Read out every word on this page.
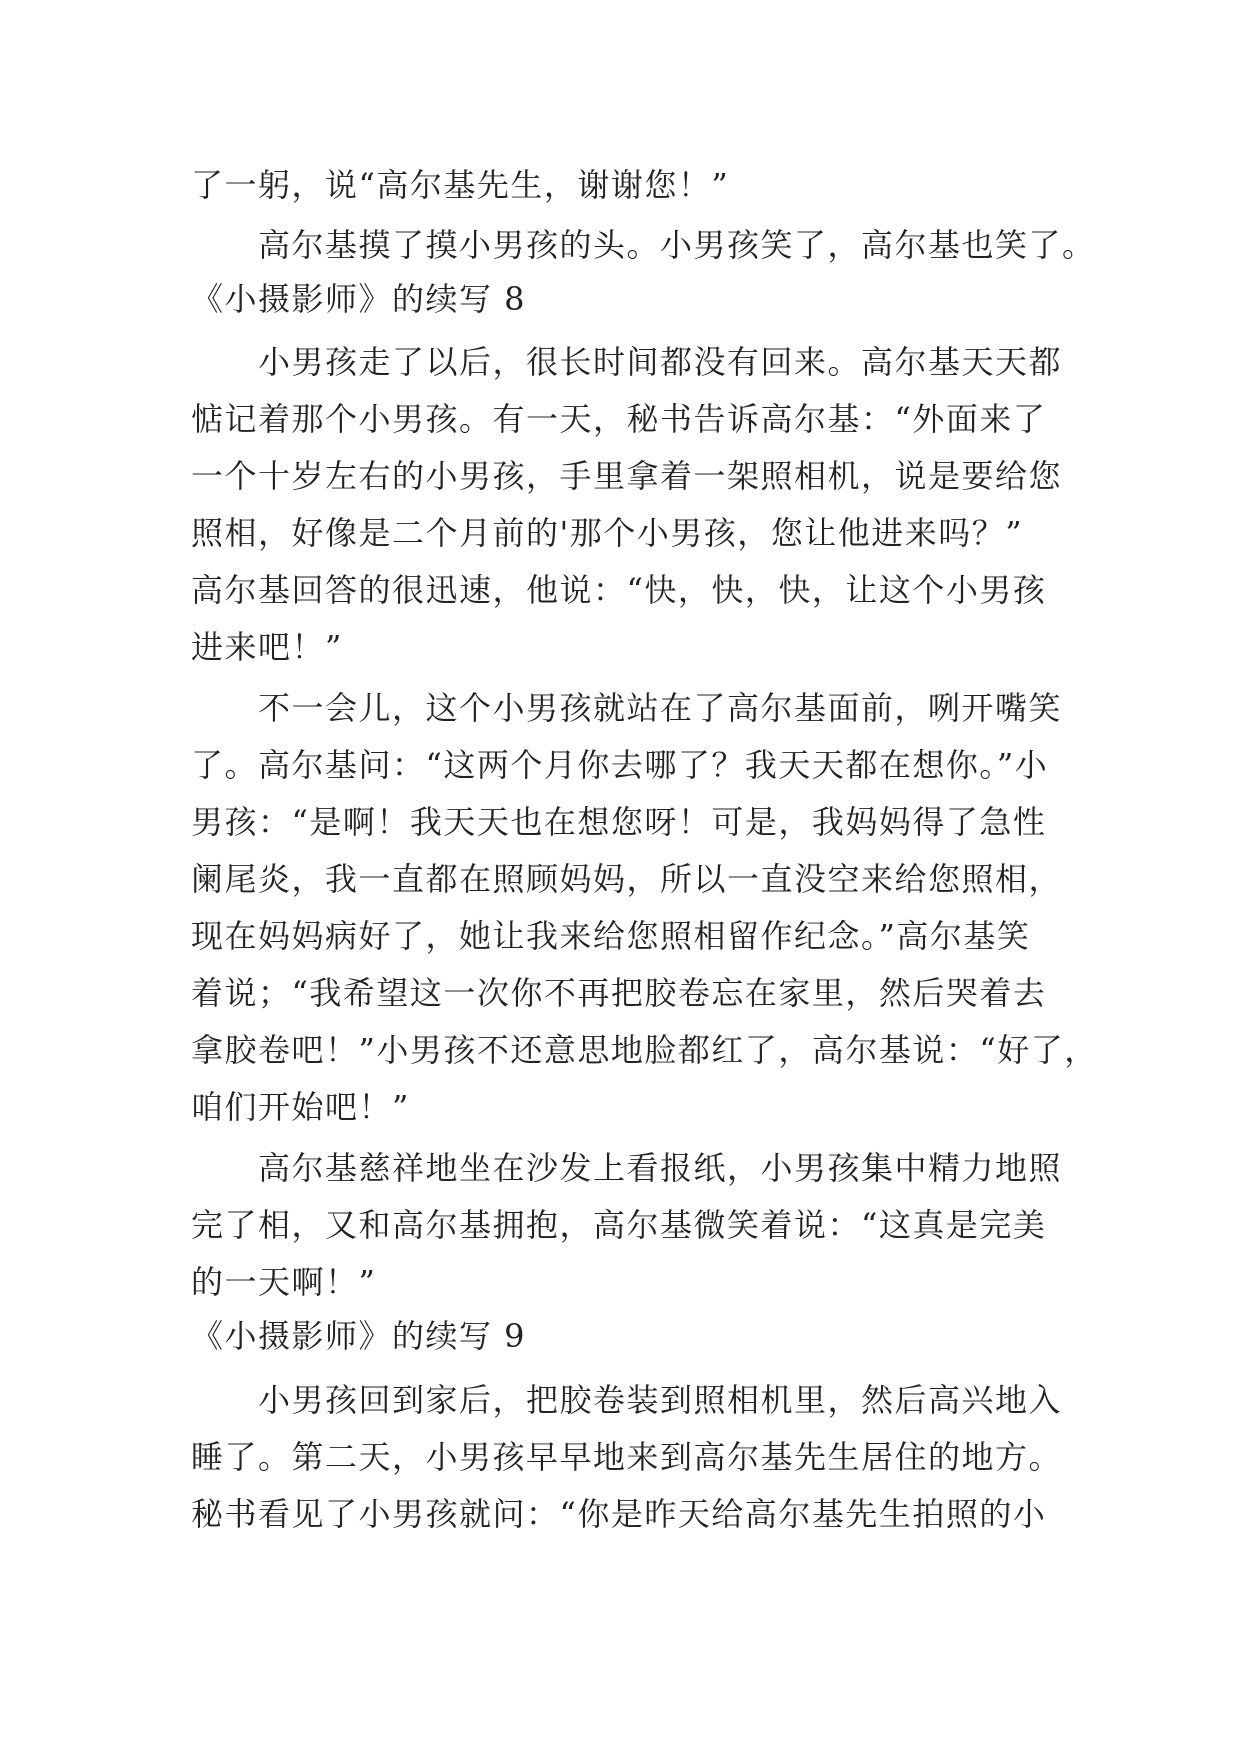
了一躬，说“高尔基先生，谢谢您！”
高尔基摸了摸小男孩的头。小男孩笑了，高尔基也笑了。
《小摄影师》的续写 8
小男孩走了以后，很长时间都没有回来。高尔基天天都
惦记着那个小男孩。有一天，秘书告诉高尔基：“外面来了
一个十岁左右的小男孩，手里拿着一架照相机，说是要给您
照相，好像是二个月前的'那个小男孩，您让他进来吗？”
高尔基回答的很迅速，他说：“快，快，快，让这个小男孩
进来吧！”
不一会儿，这个小男孩就站在了高尔基面前，咧开嘴笑
了。高尔基问：“这两个月你去哪了？我天天都在想你。”小
男孩：“是啊！我天天也在想您呀！可是，我妈妈得了急性
阑尾炎，我一直都在照顾妈妈，所以一直没空来给您照相，
现在妈妈病好了，她让我来给您照相留作纪念。”高尔基笑
着说；“我希望这一次你不再把胶卷忘在家里，然后哭着去
拿胶卷吧！”小男孩不还意思地脸都红了，高尔基说：“好了，
咱们开始吧！”
高尔基慈祥地坐在沙发上看报纸，小男孩集中精力地照
完了相，又和高尔基拥抱，高尔基微笑着说：“这真是完美
的一天啊！”
《小摄影师》的续写 9
小男孩回到家后，把胶卷装到照相机里，然后高兴地入
睡了。第二天，小男孩早早地来到高尔基先生居住的地方。
秘书看见了小男孩就问：“你是昨天给高尔基先生拍照的小
